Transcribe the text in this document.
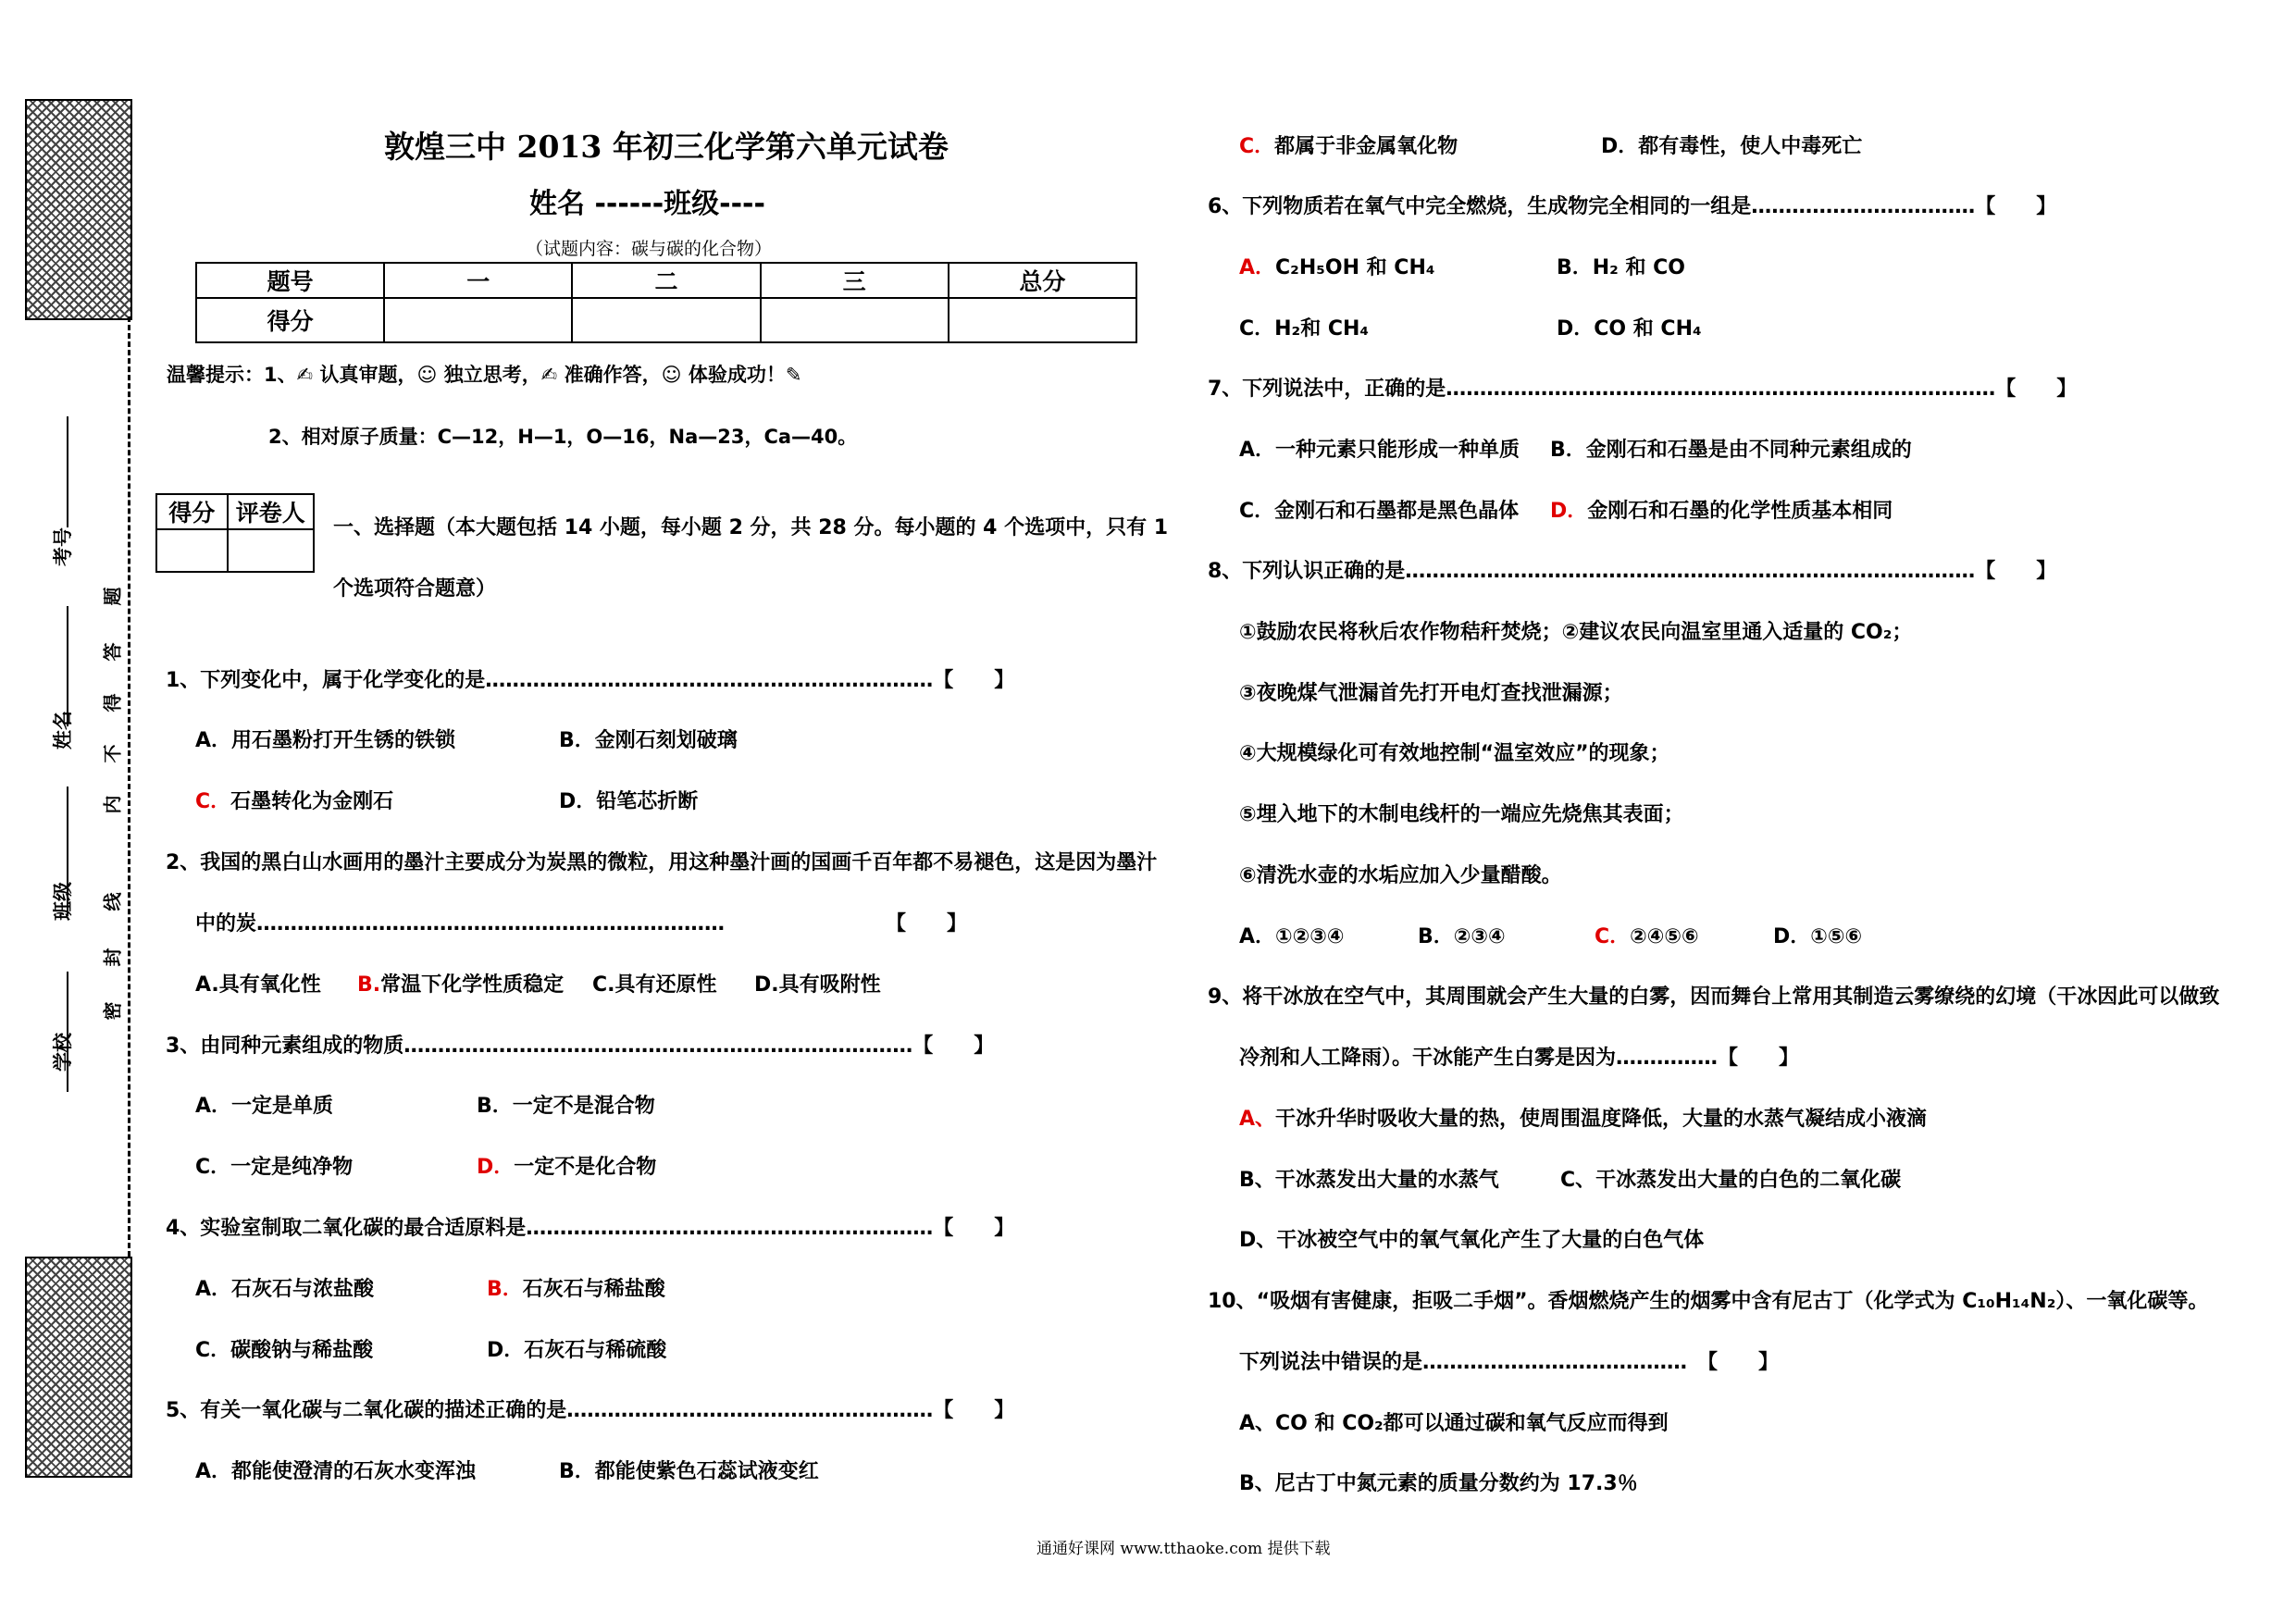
考号
姓名
班级
学校
密
封
线
内
不
得
答
题
敦煌三中 2013 年初三化学第六单元试卷
姓名 ------班级----
（试题内容：碳与碳的化合物）
题号	一	二	三	总分
得分				
温馨提示：1、✍ 认真审题，☺ 独立思考，✍ 准确作答，☺ 体验成功！✎
2、相对原子质量：C—12，H—1，O—16，Na—23，Ca—40。
得分	评卷人

一、选择题（本大题包括 14 小题，每小题 2 分，共 28 分。每小题的 4 个选项中，只有 1
个选项符合题意）
1、下列变化中，属于化学变化的是…………………………………………………………【　　】
A．用石墨粉打开生锈的铁锁	B．金刚石刻划破璃
C．石墨转化为金刚石	D．铅笔芯折断
2、我国的黑白山水画用的墨汁主要成分为炭黑的微粒，用这种墨汁画的国画千百年都不易褪色，这是因为墨汁
中的炭……………………………………………………………	【　　】
A.具有氧化性 B.常温下化学性质稳定 C.具有还原性 D.具有吸附性
3、由同种元素组成的物质…………………………………………………………………【　　】
A．一定是单质	B．一定不是混合物
C．一定是纯净物	D．一定不是化合物
4、实验室制取二氧化碳的最合适原料是……………………………………………………【　　】
A．石灰石与浓盐酸	B．石灰石与稀盐酸
C．碳酸钠与稀盐酸	D．石灰石与稀硫酸
5、有关一氧化碳与二氧化碳的描述正确的是………………………………………………【　　】
A．都能使澄清的石灰水变浑浊	B．都能使紫色石蕊试液变红
C．都属于非金属氧化物	D．都有毒性，使人中毒死亡
6、下列物质若在氧气中完全燃烧，生成物完全相同的一组是……………………………【　　】
A．C₂H₅OH 和 CH₄	B．H₂ 和 CO
C．H₂和 CH₄	D．CO 和 CH₄
7、下列说法中，正确的是………………………………………………………………………【　　】
A．一种元素只能形成一种单质 B．金刚石和石墨是由不同种元素组成的
C．金刚石和石墨都是黑色晶体 D．金刚石和石墨的化学性质基本相同
8、下列认识正确的是…………………………………………………………………………【　　】
①鼓励农民将秋后农作物秸秆焚烧；②建议农民向温室里通入适量的 CO₂；
③夜晚煤气泄漏首先打开电灯查找泄漏源；
④大规模绿化可有效地控制“温室效应”的现象；
⑤埋入地下的木制电线杆的一端应先烧焦其表面；
⑥清洗水壶的水垢应加入少量醋酸。
A．①②③④	B．②③④	C．②④⑤⑥	D．①⑤⑥
9、将干冰放在空气中，其周围就会产生大量的白雾，因而舞台上常用其制造云雾缭绕的幻境（干冰因此可以做致
冷剂和人工降雨）。干冰能产生白雾是因为……………【　　】
A、干冰升华时吸收大量的热，使周围温度降低，大量的水蒸气凝结成小液滴
B、干冰蒸发出大量的水蒸气	C、干冰蒸发出大量的白色的二氧化碳
D、干冰被空气中的氧气氧化产生了大量的白色气体
10、“吸烟有害健康，拒吸二手烟”。香烟燃烧产生的烟雾中含有尼古丁（化学式为 C₁₀H₁₄N₂）、一氧化碳等。
下列说法中错误的是…………………………………　【　　】
A、CO 和 CO₂都可以通过碳和氧气反应而得到
B、尼古丁中氮元素的质量分数约为 17.3％
通通好课网 www.tthaoke.com 提供下载
